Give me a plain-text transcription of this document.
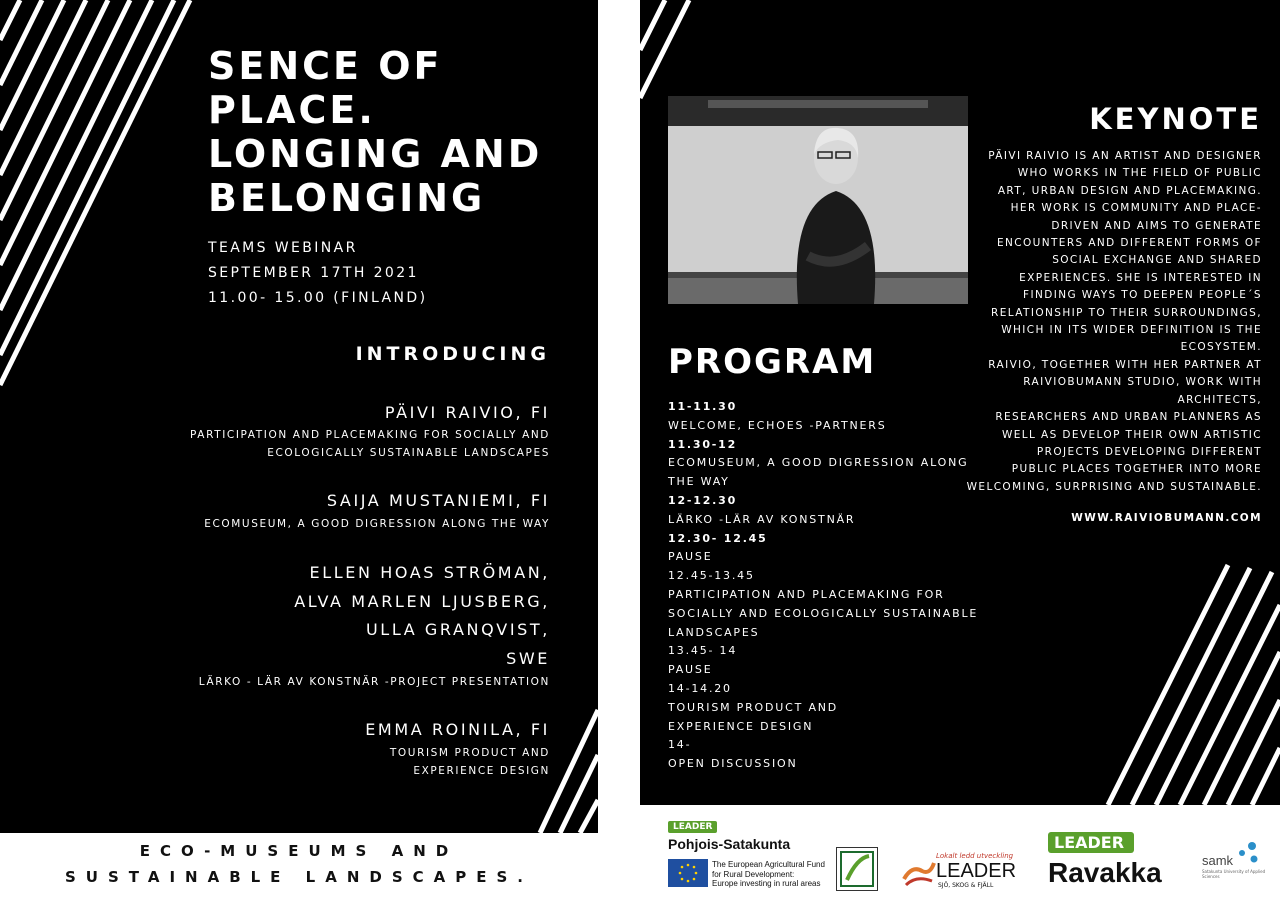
SENCE OF PLACE. LONGING AND BELONGING
TEAMS WEBINAR
SEPTEMBER 17TH 2021
11.00- 15.00 (FINLAND)
INTRODUCING
PÄIVI RAIVIO, FI
PARTICIPATION AND PLACEMAKING FOR SOCIALLY AND
ECOLOGICALLY SUSTAINABLE LANDSCAPES
SAIJA MUSTANIEMI, FI
ECOMUSEUM, A GOOD DIGRESSION ALONG THE WAY
ELLEN HOAS STRÖMAN,
ALVA MARLEN LJUSBERG,
ULLA GRANQVIST,
SWE
LÄRKO - LÄR AV KONSTNÄR -PROJECT PRESENTATION
EMMA ROINILA, FI
TOURISM PRODUCT AND
EXPERIENCE DESIGN
ECO-MUSEUMS AND
SUSTAINABLE LANDSCAPES.
PROGRAM
11-11.30
WELCOME, ECHOES -PARTNERS
11.30-12
ECOMUSEUM, A GOOD DIGRESSION ALONG
THE WAY
12-12.30
LÄRKO -LÄR AV KONSTNÄR
12.30- 12.45
PAUSE
12.45-13.45
PARTICIPATION AND PLACEMAKING FOR
SOCIALLY AND ECOLOGICALLY SUSTAINABLE
LANDSCAPES
13.45- 14
PAUSE
14-14.20
TOURISM PRODUCT AND
EXPERIENCE DESIGN
14-
OPEN DISCUSSION
KEYNOTE
PÄIVI RAIVIO IS AN ARTIST AND DESIGNER
WHO WORKS IN THE FIELD OF PUBLIC
ART, URBAN DESIGN AND PLACEMAKING.
HER WORK IS COMMUNITY AND PLACE-
DRIVEN AND AIMS TO GENERATE
ENCOUNTERS AND DIFFERENT FORMS OF
SOCIAL EXCHANGE AND SHARED
EXPERIENCES. SHE IS INTERESTED IN
FINDING WAYS TO DEEPEN PEOPLE´S
RELATIONSHIP TO THEIR SURROUNDINGS,
WHICH IN ITS WIDER DEFINITION IS THE
ECOSYSTEM.
RAIVIO, TOGETHER WITH HER PARTNER AT
RAIVIOBUMANN STUDIO, WORK WITH
ARCHITECTS,
RESEARCHERS AND URBAN PLANNERS AS
WELL AS DEVELOP THEIR OWN ARTISTIC
PROJECTS DEVELOPING DIFFERENT
PUBLIC PLACES TOGETHER INTO MORE
WELCOMING, SURPRISING AND SUSTAINABLE.
WWW.RAIVIOBUMANN.COM
LEADER
Pohjois-Satakunta
The European Agricultural Fund
for Rural Development:
Europe investing in rural areas
Lokalt ledd utveckling
LEADER
SJÖ, SKOG & FJÄLL
LEADER
Ravakka	samk
Satakunta University of Applied Sciences
